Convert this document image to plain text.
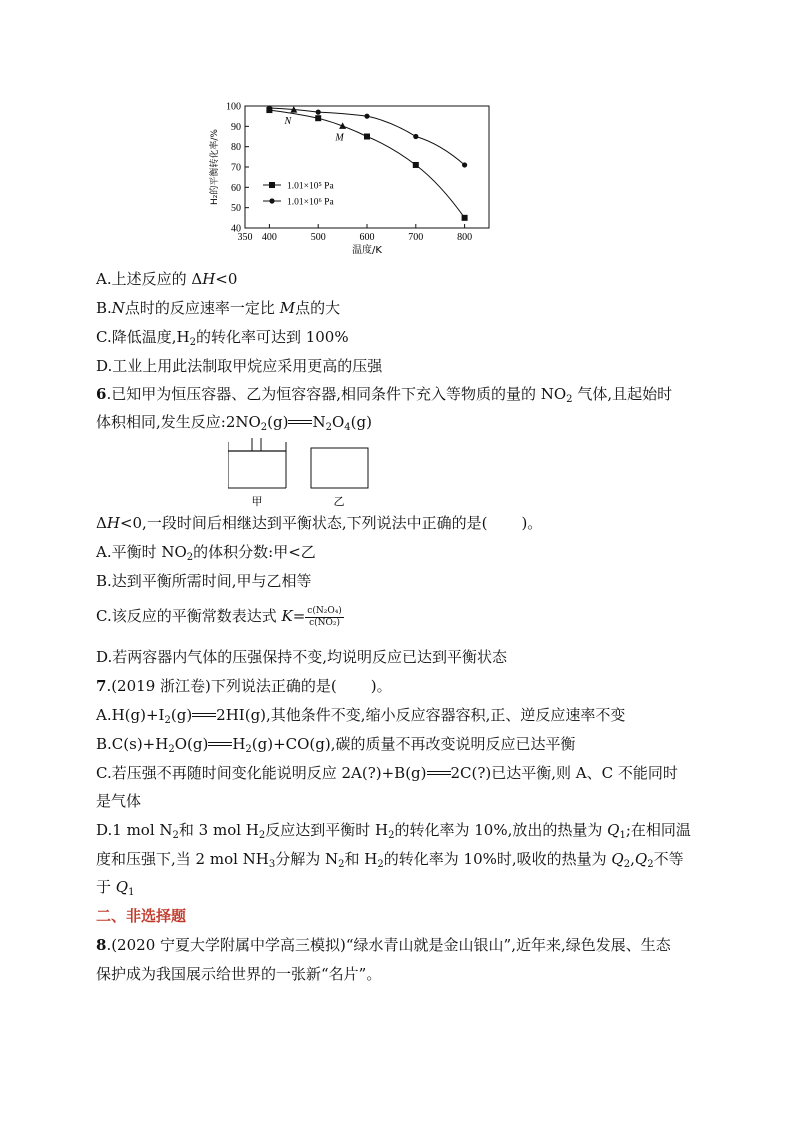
40
50
60
70
80
90
100
350 400	500	600	700	800
温度/K
H₂的平衡转化率/%	1.01×10⁵ Pa
1.01×10⁶ Pa
N
M
A.上述反应的 ΔH<0
B.N点时的反应速率一定比 M点的大
C.降低温度$,H_2$的转化率可达到 100%
D.工业上用此法制取甲烷应采用更高的压强
6.已知甲为恒压容器、乙为恒容容器,相同条件下充入等物质的量的 $NO_2$ 气体,且起始时
体积相同,发生反应$:2NO_2(g)$ $N_2O_4(g)$
ΔH<0,一段时间后相继达到平衡状态,下列说法中正确的是( )。
A.平衡时 $NO_2$的体积分数:甲<乙
B.达到平衡所需时间,甲与乙相等
C.该反应的平衡常数表达式 $K= \frac{\text{c(N₂O₄)}}{\text{c(NO₂)}}$
D.若两容器内气体的压强保持不变,均说明反应已达到平衡状态
7.(2019 浙江卷)下列说法正确的是( )。
$A.H(g)+I_2(g)$ 2HI(g),其他条件不变,缩小反应容器容积,正、逆反应速率不变
$B.C(s)+H_2O(g)$ $H_2(g)+CO(g)$,碳的质量不再改变说明反应已达平衡
C.若压强不再随时间变化能说明反应 2A(?)+B(g) 2C(?)已达平衡,则 A、C 不能同时
是气体
D.1 mol $N_2$和 3 mol $H_2$反应达到平衡时 $H_2$的转化率为 10%,放出的热量为 $Q_1$;在相同温
度和压强下,当 2 mol $NH_3$分解为 $N_2$和 $H_2$的转化率为 10%时,吸收的热量为 $Q_2,Q_2$不等
于 $Q_1$
二、非选择题
8.(2020 宁夏大学附属中学高三模拟)“绿水青山就是金山银山”,近年来,绿色发展、生态
保护成为我国展示给世界的一张新“名片”。
甲	乙
